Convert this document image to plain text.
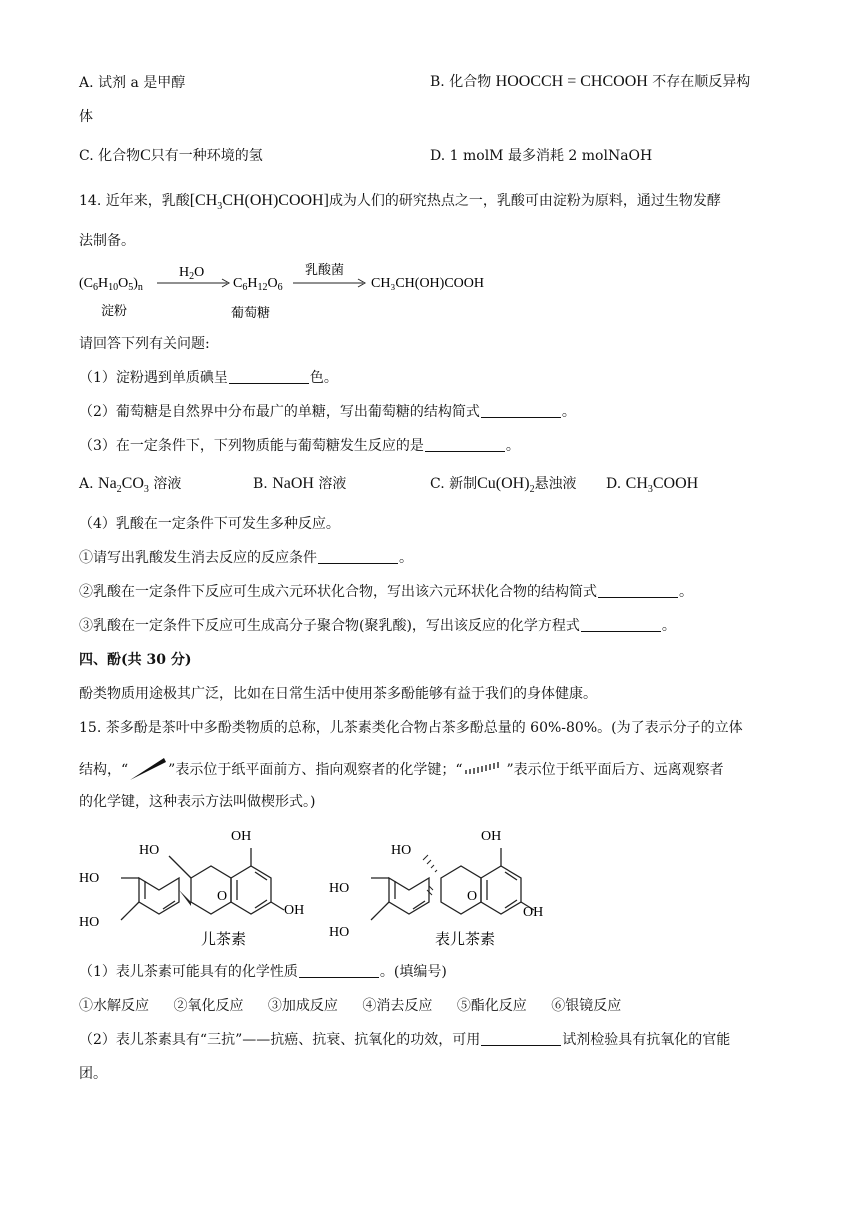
A. 试剂 a 是甲醇	B. 化合物 HOOCCH = CHCOOH 不存在顺反异构
体
C. 化合物C只有一种环境的氢	D. 1 molM 最多消耗 2 molNaOH
14. 近年来，乳酸$[CH_3CH(OH)COOH]$成为人们的研究热点之一，乳酸可由淀粉为原料，通过生物发酵
法制备。
$(C_6H_{10}O_5)_n$
$H_2O$
$C_6H_{12}O_6$
乳酸菌
CH₃CH(OH)COOH
淀粉	葡萄糖
请回答下列有关问题:
（1）淀粉遇到单质碘呈	色。
（2）葡萄糖是自然界中分布最广的单糖，写出葡萄糖的结构简式	。
（3）在一定条件下，下列物质能与葡萄糖发生反应的是	。
A. $Na_2CO_3$ 溶液	B. NaOH 溶液	C. 新制$Cu(OH)_2$悬浊液 D. $CH_3COOH$
（4）乳酸在一定条件下可发生多种反应。
①请写出乳酸发生消去反应的反应条件	。
②乳酸在一定条件下反应可生成六元环状化合物，写出该六元环状化合物的结构简式	。
③乳酸在一定条件下反应可生成高分子聚合物(聚乳酸)，写出该反应的化学方程式	。
四、酚(共 30 分)
酚类物质用途极其广泛，比如在日常生活中使用茶多酚能够有益于我们的身体健康。
15. 茶多酚是茶叶中多酚类物质的总称，儿茶素类化合物占茶多酚总量的 60%-80%。(为了表示分子的立体
结构，“	”表示位于纸平面前方、指向观察者的化学键；“	”表示位于纸平面后方、远离观察者
的化学键，这种表示方法叫做楔形式。)
OH
HO
HO
HO
O
OH
儿茶素
OH
HO
HO
HO
O
OH
表儿茶素
（1）表儿茶素可能具有的化学性质	。(填编号)
①水解反应 ②氧化反应 ③加成反应 ④消去反应 ⑤酯化反应 ⑥银镜反应
（2）表儿茶素具有“三抗”——抗癌、抗衰、抗氧化的功效，可用	试剂检验具有抗氧化的官能
团。
